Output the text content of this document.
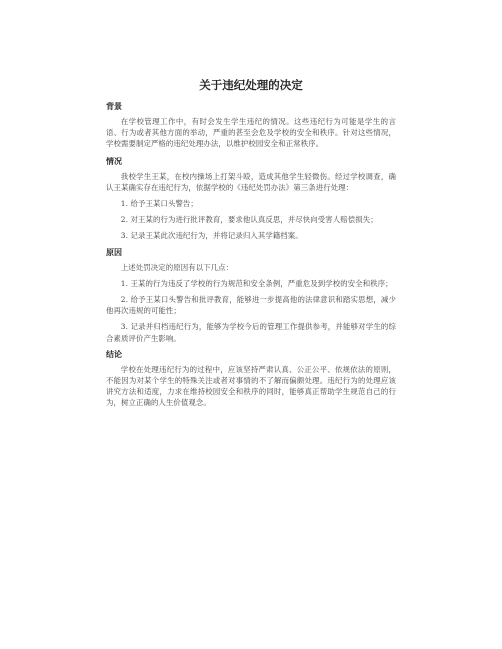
关于违纪处理的决定
背景

在学校管理工作中，有时会发生学生违纪的情况。这些违纪行为可能是学生的言语、行为或者其他方面的举动，严重的甚至会危及学校的安全和秩序。针对这些情况，学校需要制定严格的违纪处理办法，以维护校园安全和正常秩序。

情况

我校学生王某，在校内操场上打架斗殴，造成其他学生轻微伤。经过学校调查，确认王某确实存在违纪行为，依据学校的《违纪处罚办法》第三条进行处理：

1. 给予王某口头警告；

2. 对王某的行为进行批评教育，要求他认真反思，并尽快向受害人赔偿损失；

3. 记录王某此次违纪行为，并将记录归入其学籍档案。

原因

上述处罚决定的原因有以下几点：

1. 王某的行为违反了学校的行为规范和安全条例，严重危及到学校的安全和秩序；

2. 给予王某口头警告和批评教育，能够进一步提高他的法律意识和踏实思想，减少他再次违规的可能性；

3. 记录并归档违纪行为，能够为学校今后的管理工作提供参考，并能够对学生的综合素质评价产生影响。

结论

学校在处理违纪行为的过程中，应该坚持严肃认真、公正公平、依规依法的原则，不能因为对某个学生的特殊关注或者对事情的不了解而偏颇处理。违纪行为的处理应该讲究方法和适度，力求在维持校园安全和秩序的同时，能够真正帮助学生规范自己的行为，树立正确的人生价值观念。
